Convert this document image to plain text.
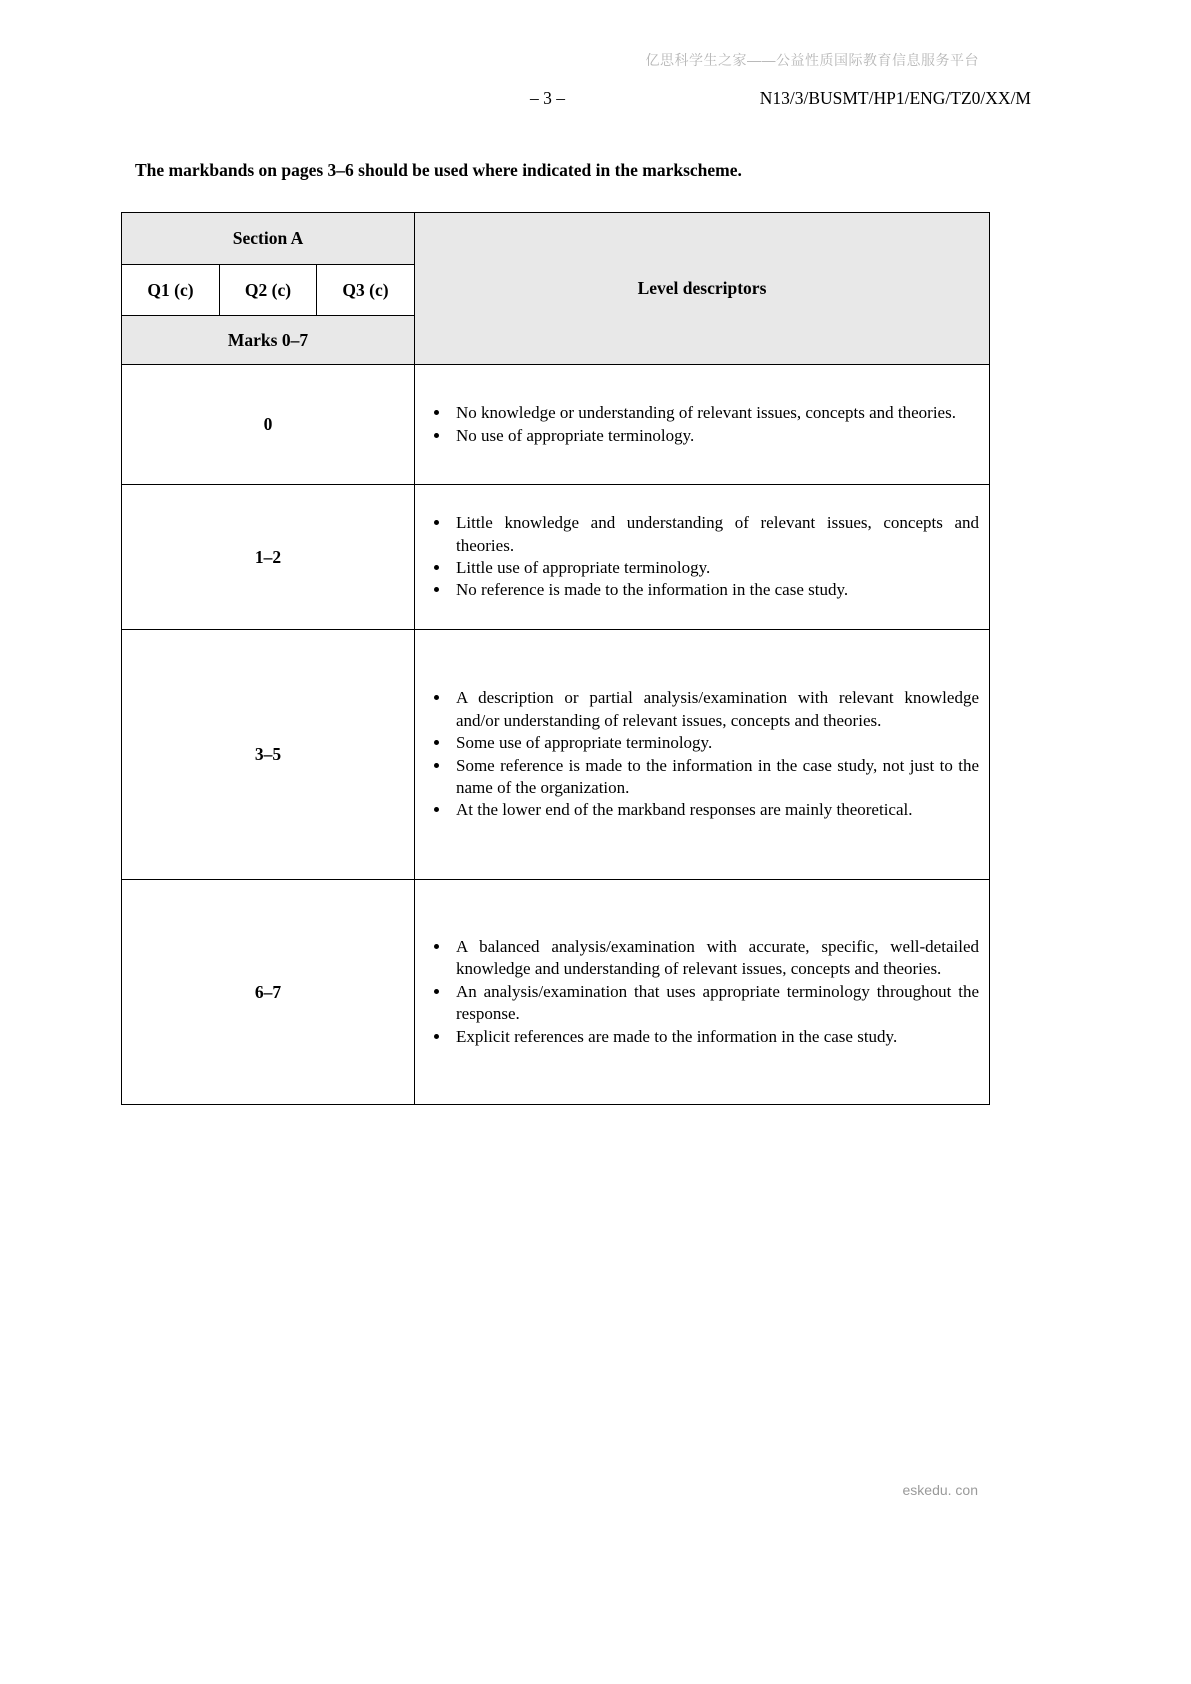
亿思科学生之家——公益性质国际教育信息服务平台
– 3 –	N13/3/BUSMT/HP1/ENG/TZ0/XX/M
The markbands on pages 3–6 should be used where indicated in the markscheme.
Section A			Level descriptors
Q1 (c)	Q2 (c)	Q3 (c)	
Marks 0–7			
0	
• No knowledge or understanding of relevant issues, concepts and theories.
• No use of appropriate terminology.

1–2	
• Little knowledge and understanding of relevant issues, concepts and theories.
• Little use of appropriate terminology.
• No reference is made to the information in the case study.

3–5	
• A description or partial analysis/examination with relevant knowledge and/or understanding of relevant issues, concepts and theories.
• Some use of appropriate terminology.
• Some reference is made to the information in the case study, not just to the name of the organization.
• At the lower end of the markband responses are mainly theoretical.

6–7	
• A balanced analysis/examination with accurate, specific, well-detailed knowledge and understanding of relevant issues, concepts and theories.
• An analysis/examination that uses appropriate terminology throughout the response.
• Explicit references are made to the information in the case study.
eskedu. con
